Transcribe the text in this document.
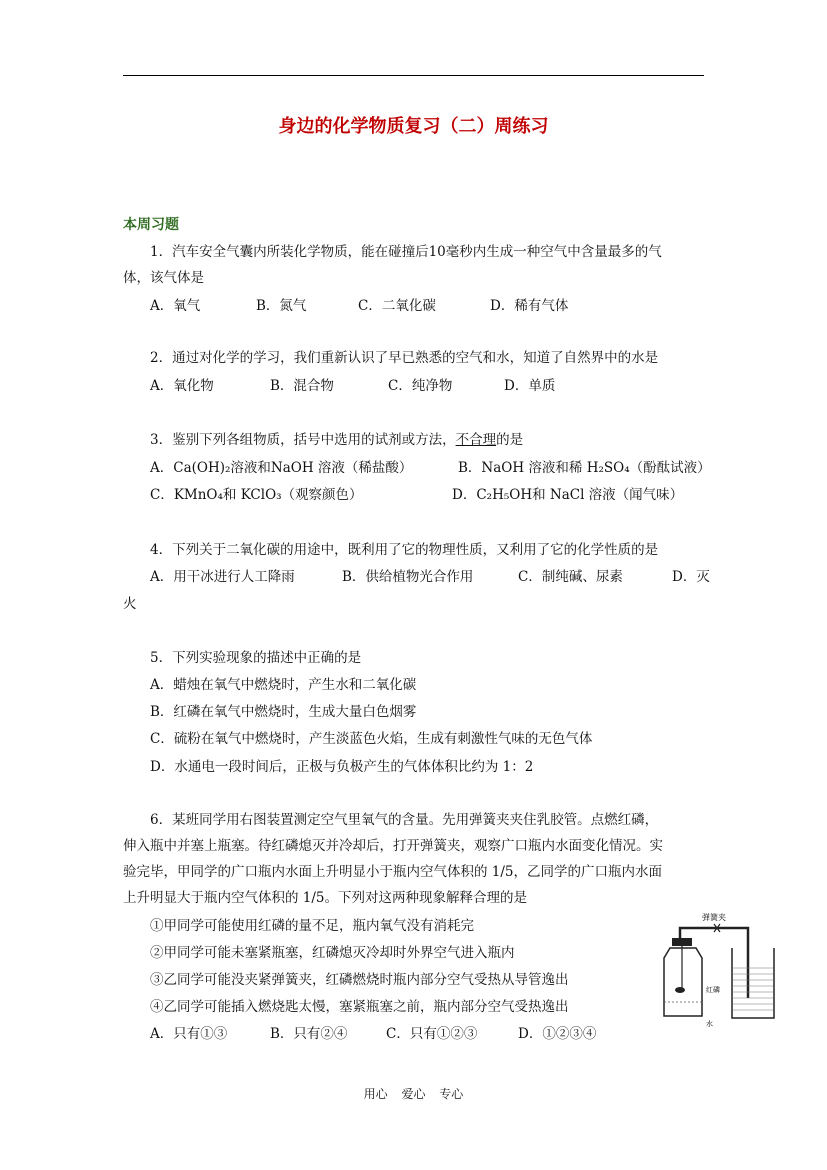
身边的化学物质复习（二）周练习
本周习题
1．汽车安全气囊内所装化学物质，能在碰撞后10毫秒内生成一种空气中含量最多的气
体，该气体是
A．氧气	B．氮气	C．二氧化碳	D．稀有气体
2．通过对化学的学习，我们重新认识了早已熟悉的空气和水，知道了自然界中的水是
A．氧化物	B．混合物	C．纯净物	D．单质
3．鉴别下列各组物质，括号中选用的试剂或方法，不合理的是
A．Ca(OH)₂溶液和NaOH 溶液（稀盐酸）	B．NaOH 溶液和稀 H₂SO₄（酚酞试液）
C．KMnO₄和 KClO₃（观察颜色）	D．C₂H₅OH和 NaCl 溶液（闻气味）
4．下列关于二氧化碳的用途中，既利用了它的物理性质，又利用了它的化学性质的是
A．用干冰进行人工降雨	B．供给植物光合作用	C．制纯碱、尿素	D．灭
火
5．下列实验现象的描述中正确的是
A．蜡烛在氧气中燃烧时，产生水和二氧化碳
B．红磷在氧气中燃烧时，生成大量白色烟雾
C．硫粉在氧气中燃烧时，产生淡蓝色火焰，生成有刺激性气味的无色气体
D．水通电一段时间后，正极与负极产生的气体体积比约为 1：2
6．某班同学用右图装置测定空气里氧气的含量。先用弹簧夹夹住乳胶管。点燃红磷，
伸入瓶中并塞上瓶塞。待红磷熄灭并冷却后，打开弹簧夹，观察广口瓶内水面变化情况。实
验完毕，甲同学的广口瓶内水面上升明显小于瓶内空气体积的 1/5，乙同学的广口瓶内水面
上升明显大于瓶内空气体积的 1/5。下列对这两种现象解释合理的是
①甲同学可能使用红磷的量不足，瓶内氧气没有消耗完
②甲同学可能未塞紧瓶塞，红磷熄灭冷却时外界空气进入瓶内
③乙同学可能没夹紧弹簧夹，红磷燃烧时瓶内部分空气受热从导管逸出
④乙同学可能插入燃烧匙太慢，塞紧瓶塞之前，瓶内部分空气受热逸出
A．只有①③	B．只有②④	C．只有①②③	D．①②③④
弹簧夹
红磷
水
用心 爱心 专心
